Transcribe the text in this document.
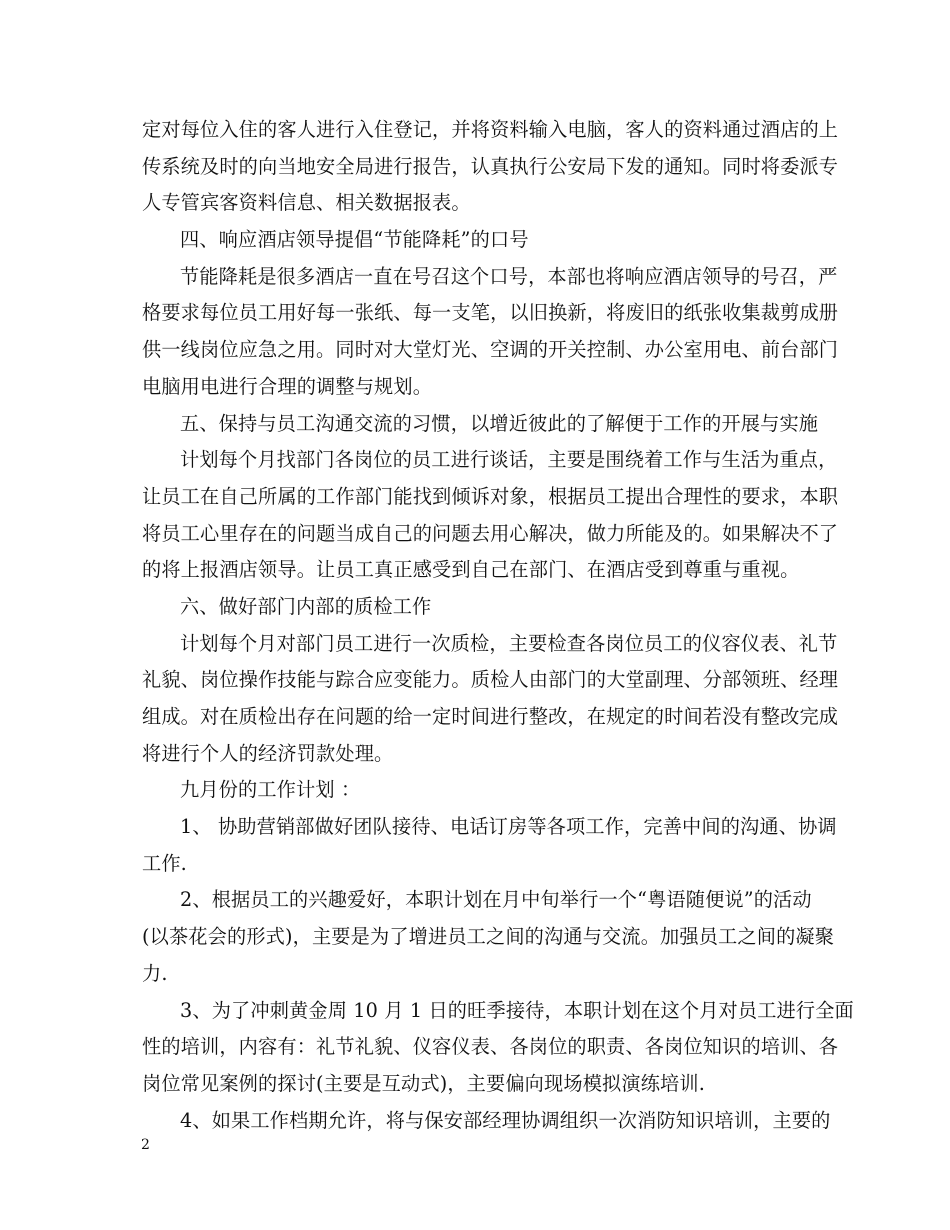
定对每位入住的客人进行入住登记，并将资料输入电脑，客人的资料通过酒店的上
传系统及时的向当地安全局进行报告，认真执行公安局下发的通知。同时将委派专
人专管宾客资料信息、相关数据报表。
四、响应酒店领导提倡“节能降耗”的口号
节能降耗是很多酒店一直在号召这个口号，本部也将响应酒店领导的号召，严
格要求每位员工用好每一张纸、每一支笔，以旧换新，将废旧的纸张收集裁剪成册
供一线岗位应急之用。同时对大堂灯光、空调的开关控制、办公室用电、前台部门
电脑用电进行合理的调整与规划。
五、保持与员工沟通交流的习惯，以增近彼此的了解便于工作的开展与实施
计划每个月找部门各岗位的员工进行谈话，主要是围绕着工作与生活为重点，
让员工在自己所属的工作部门能找到倾诉对象，根据员工提出合理性的要求，本职
将员工心里存在的问题当成自己的问题去用心解决，做力所能及的。如果解决不了
的将上报酒店领导。让员工真正感受到自己在部门、在酒店受到尊重与重视。
六、做好部门内部的质检工作
计划每个月对部门员工进行一次质检，主要检查各岗位员工的仪容仪表、礼节
礼貌、岗位操作技能与踪合应变能力。质检人由部门的大堂副理、分部领班、经理
组成。对在质检出存在问题的给一定时间进行整改，在规定的时间若没有整改完成
将进行个人的经济罚款处理。
九月份的工作计划 ：
1、 协助营销部做好团队接待、电话订房等各项工作，完善中间的沟通、协调
工作.
2、根据员工的兴趣爱好，本职计划在月中旬举行一个“粤语随便说”的活动
(以茶花会的形式)，主要是为了增进员工之间的沟通与交流。加强员工之间的凝聚
力.
3、为了冲刺黄金周 10 月 1 日的旺季接待，本职计划在这个月对员工进行全面
性的培训，内容有：礼节礼貌、仪容仪表、各岗位的职责、各岗位知识的培训、各
岗位常见案例的探讨(主要是互动式)，主要偏向现场模拟演练培训.
4、如果工作档期允许，将与保安部经理协调组织一次消防知识培训，主要的
2
